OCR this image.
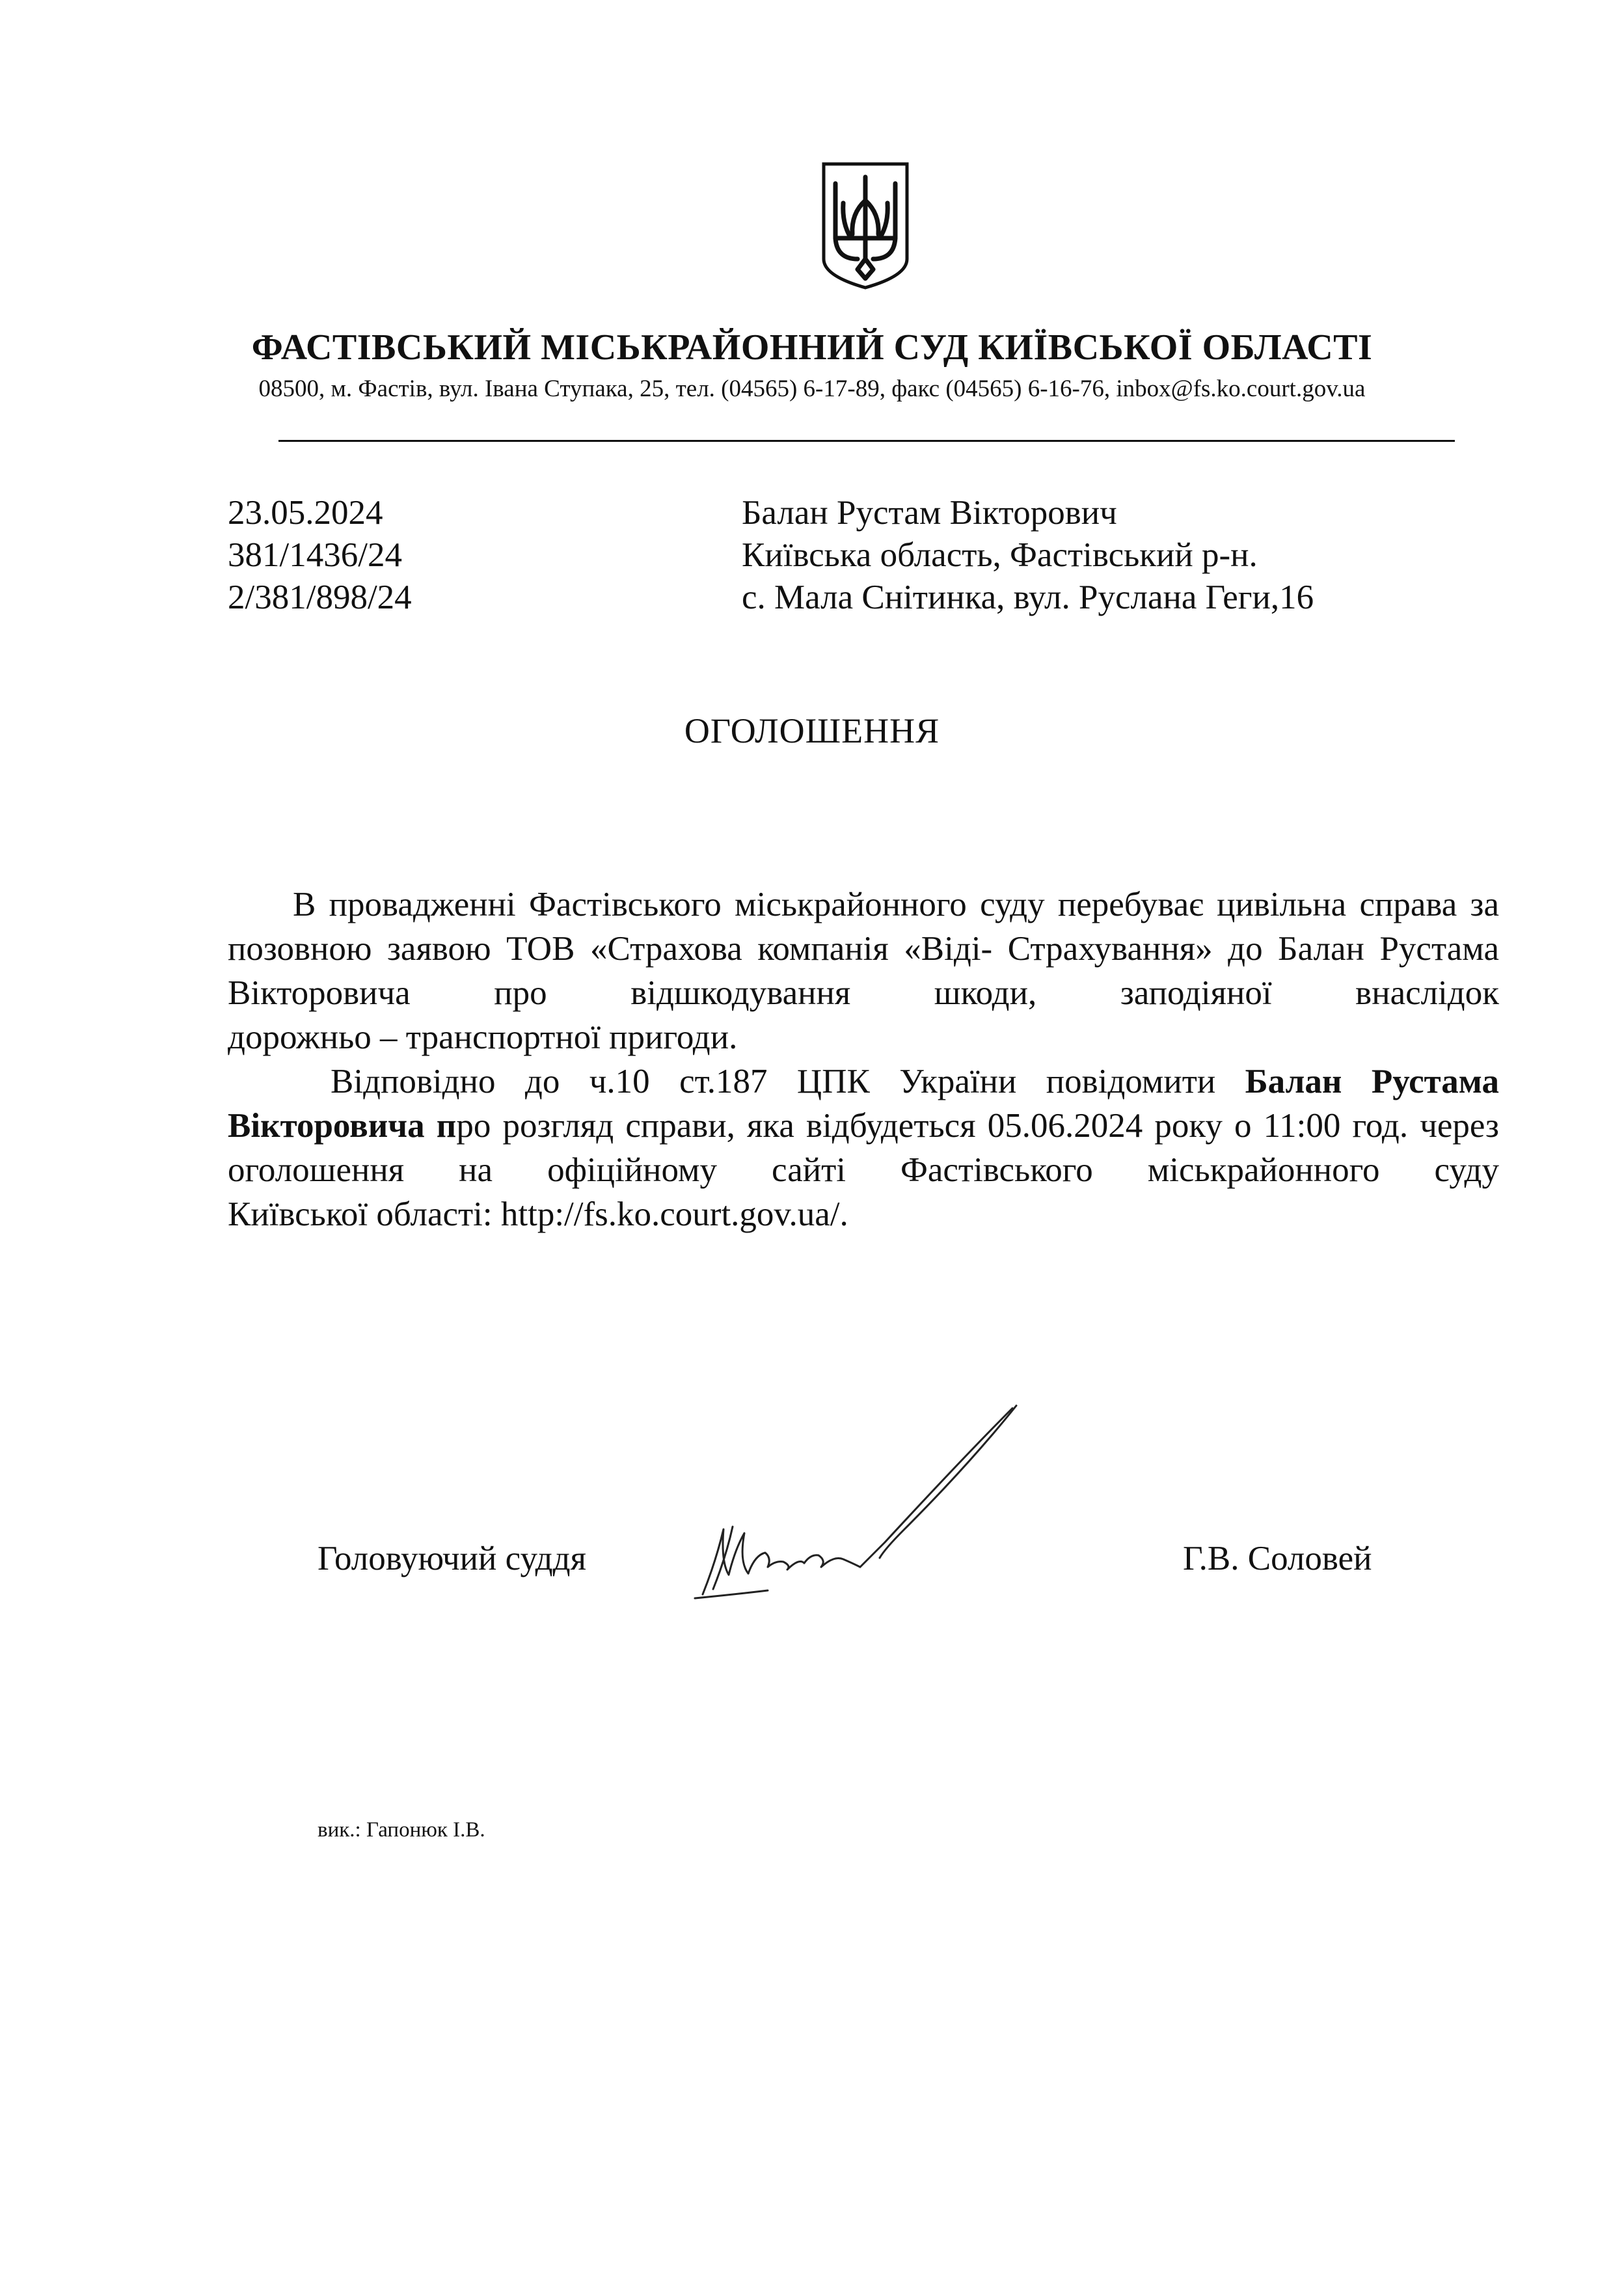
ФАСТІВСЬКИЙ МІСЬКРАЙОННИЙ СУД КИЇВСЬКОЇ ОБЛАСТІ
08500, м. Фастів, вул. Івана Ступака, 25, тел. (04565) 6-17-89, факс (04565) 6-16-76, inbox@fs.ko.court.gov.ua
23.05.2024
381/1436/24
2/381/898/24
Балан Рустам Вікторович
Київська область, Фастівський р-н.
с. Мала Снітинка, вул. Руслана Геги,16
ОГОЛОШЕННЯ
В провадженні Фастівського міськрайонного суду перебуває цивільна справа за позовною заявою ТОВ «Страхова компанія «Віді- Страхування» до Балан Рустама Вікторовича про відшкодування шкоди, заподіяної внаслідок дорожньо – транспортної пригоди.
Відповідно до ч.10 ст.187 ЦПК України повідомити Балан Рустама Вікторовича про розгляд справи, яка відбудеться 05.06.2024 року о 11:00 год. через оголошення на офіційному сайті Фастівського міськрайонного суду Київської області: http://fs.ko.court.gov.ua/.
Головуючий суддя	Г.В. Соловей
вик.: Гапонюк І.В.
